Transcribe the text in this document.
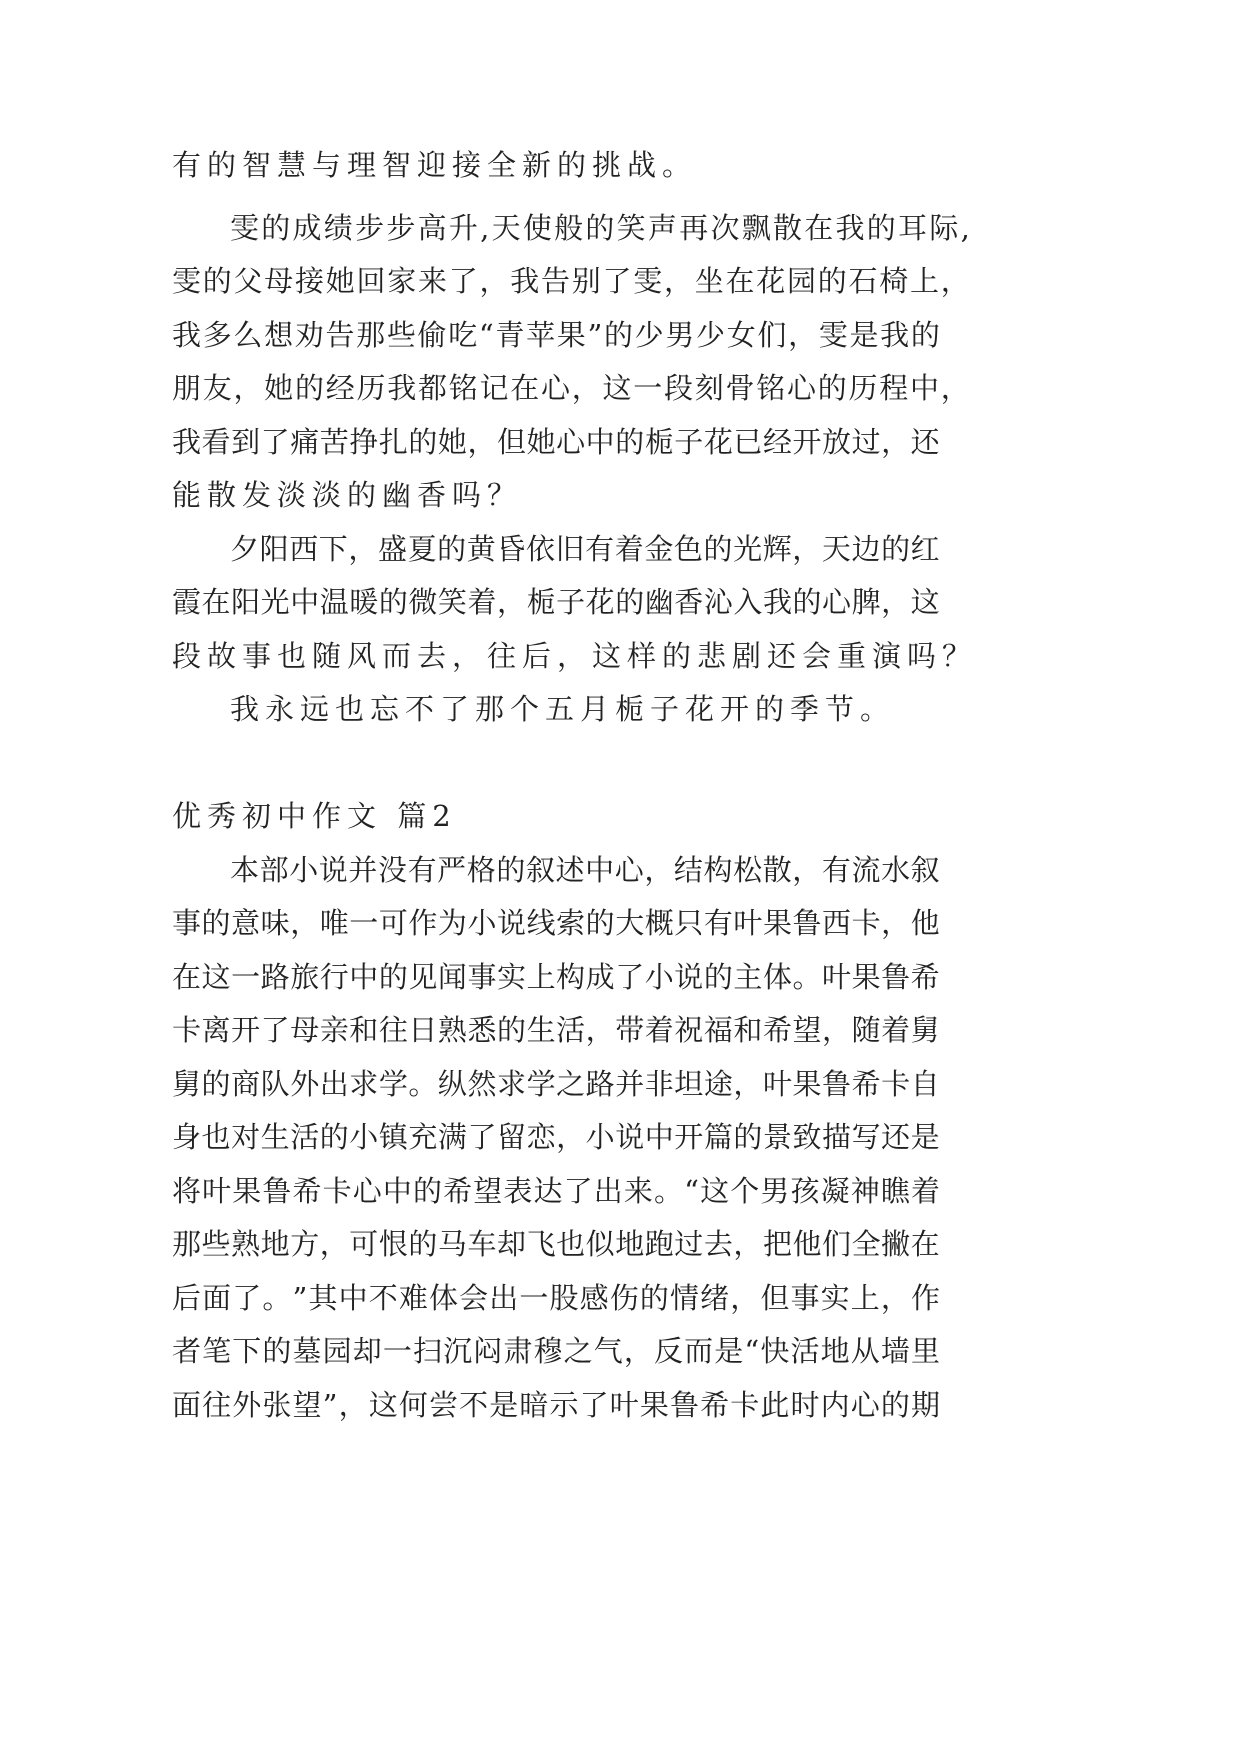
有的智慧与理智迎接全新的挑战。
雯 的 成 绩 步 步 高 升 , 天 使 般 的 笑 声 再 次 飘 散 在 我 的 耳 际 ,
雯 的 父 母 接 她 回 家 来 了 ， 我 告 别 了 雯 ， 坐 在 花 园 的 石 椅 上 ，
我 多 么 想 劝 告 那 些 偷 吃 “ 青 苹 果 ” 的 少 男 少 女 们 ， 雯 是 我 的
朋 友 ， 她 的 经 历 我 都 铭 记 在 心 ， 这 一 段 刻 骨 铭 心 的 历 程 中 ，
我 看 到 了 痛 苦 挣 扎 的 她 ， 但 她 心 中 的 栀 子 花 已 经 开 放 过 ， 还
能散发淡淡的幽香吗？
夕 阳 西 下 ， 盛 夏 的 黄 昏 依 旧 有 着 金 色 的 光 辉 ， 天 边 的 红
霞 在 阳 光 中 温 暖 的 微 笑 着 ， 栀 子 花 的 幽 香 沁 入 我 的 心 脾 ， 这
段故事也随风而去，往后，这样的悲剧还会重演吗？
我永远也忘不了那个五月栀子花开的季节。
优秀初中作文 篇2
本 部 小 说 并 没 有 严 格 的 叙 述 中 心 ， 结 构 松 散 ， 有 流 水 叙
事 的 意 味 ， 唯 一 可 作 为 小 说 线 索 的 大 概 只 有 叶 果 鲁 西 卡 ， 他
在 这 一 路 旅 行 中 的 见 闻 事 实 上 构 成 了 小 说 的 主 体 。 叶 果 鲁 希
卡 离 开 了 母 亲 和 往 日 熟 悉 的 生 活 ， 带 着 祝 福 和 希 望 ， 随 着 舅
舅 的 商 队 外 出 求 学 。 纵 然 求 学 之 路 并 非 坦 途 ， 叶 果 鲁 希 卡 自
身 也 对 生 活 的 小 镇 充 满 了 留 恋 ， 小 说 中 开 篇 的 景 致 描 写 还 是
将 叶 果 鲁 希 卡 心 中 的 希 望 表 达 了 出 来 。 “ 这 个 男 孩 凝 神 瞧 着
那 些 熟 地 方 ， 可 恨 的 马 车 却 飞 也 似 地 跑 过 去 ， 把 他 们 全 撇 在
后 面 了 。 ” 其 中 不 难 体 会 出 一 股 感 伤 的 情 绪 ， 但 事 实 上 ， 作
者 笔 下 的 墓 园 却 一 扫 沉 闷 肃 穆 之 气 ， 反 而 是 “ 快 活 地 从 墙 里
面 往 外 张 望 ” ， 这 何 尝 不 是 暗 示 了 叶 果 鲁 希 卡 此 时 内 心 的 期
